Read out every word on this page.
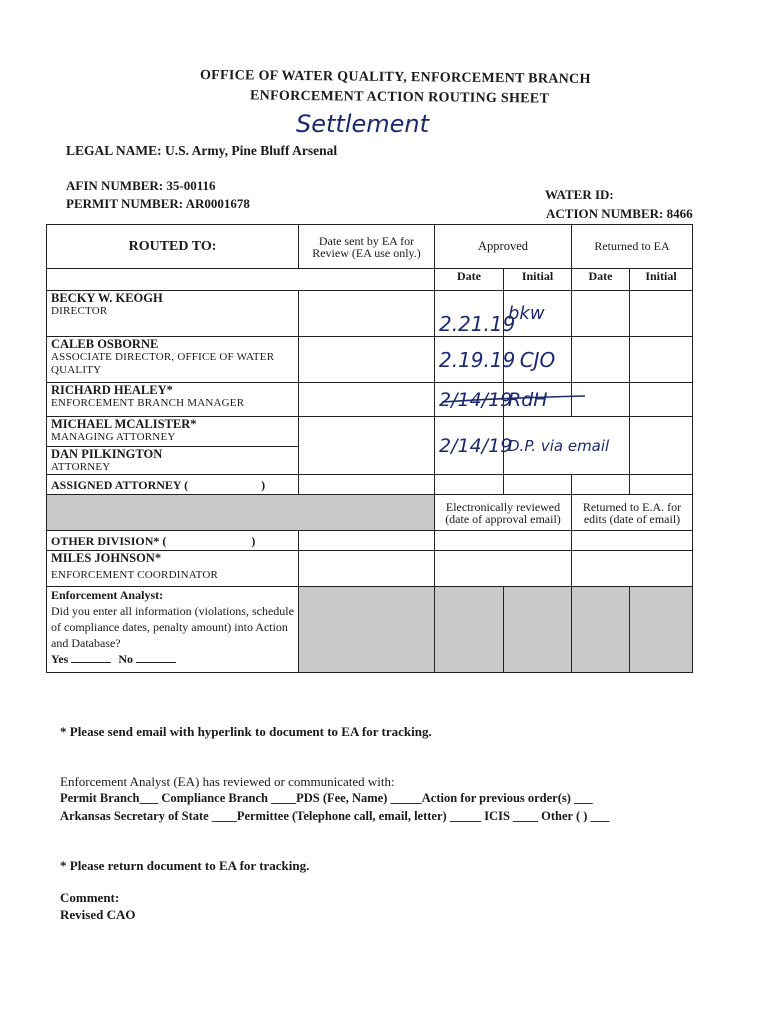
OFFICE OF WATER QUALITY, ENFORCEMENT BRANCH
ENFORCEMENT ACTION ROUTING SHEET
Settlement
LEGAL NAME: U.S. Army, Pine Bluff Arsenal
AFIN NUMBER: 35-00116
PERMIT NUMBER: AR0001678
WATER ID:
ACTION NUMBER: 8466
ROUTED TO:	Date sent by EA for Review (EA use only.)	Approved		Returned to EA	
		Date	Initial	Date	Initial

BECKY W. KEOGH
DIRECTOR		2.21.19	bkw		

CALEB OSBORNE
ASSOCIATE DIRECTOR, OFFICE OF WATER QUALITY		2.19.19	CJO		

RICHARD HEALEY*
ENFORCEMENT BRANCH MANAGER		2/14/19	RdH		

MICHAEL MCALISTER*
MANAGING ATTORNEY
DAN PILKINGTON
ATTORNEY		2/14/19	D.P. via email		
ASSIGNED ATTORNEY ( )					
		Electronically reviewed (date of approval email)		Returned to E.A. for edits (date of email)	
OTHER DIVISION* ( )					

MILES JOHNSON*
ENFORCEMENT COORDINATOR					

Enforcement Analyst:
Did you enter all information (violations, schedule of compliance dates, penalty amount) into Action and Database?
Yes No					

* Please send email with hyperlink to document to EA for tracking.
Enforcement Analyst (EA) has reviewed or communicated with:
Permit Branch___ Compliance Branch ____PDS (Fee, Name) _____Action for previous order(s) ___
Arkansas Secretary of State ____Permittee (Telephone call, email, letter) _____ ICIS ____ Other ( ) ___
* Please return document to EA for tracking.
Comment:
Revised CAO
